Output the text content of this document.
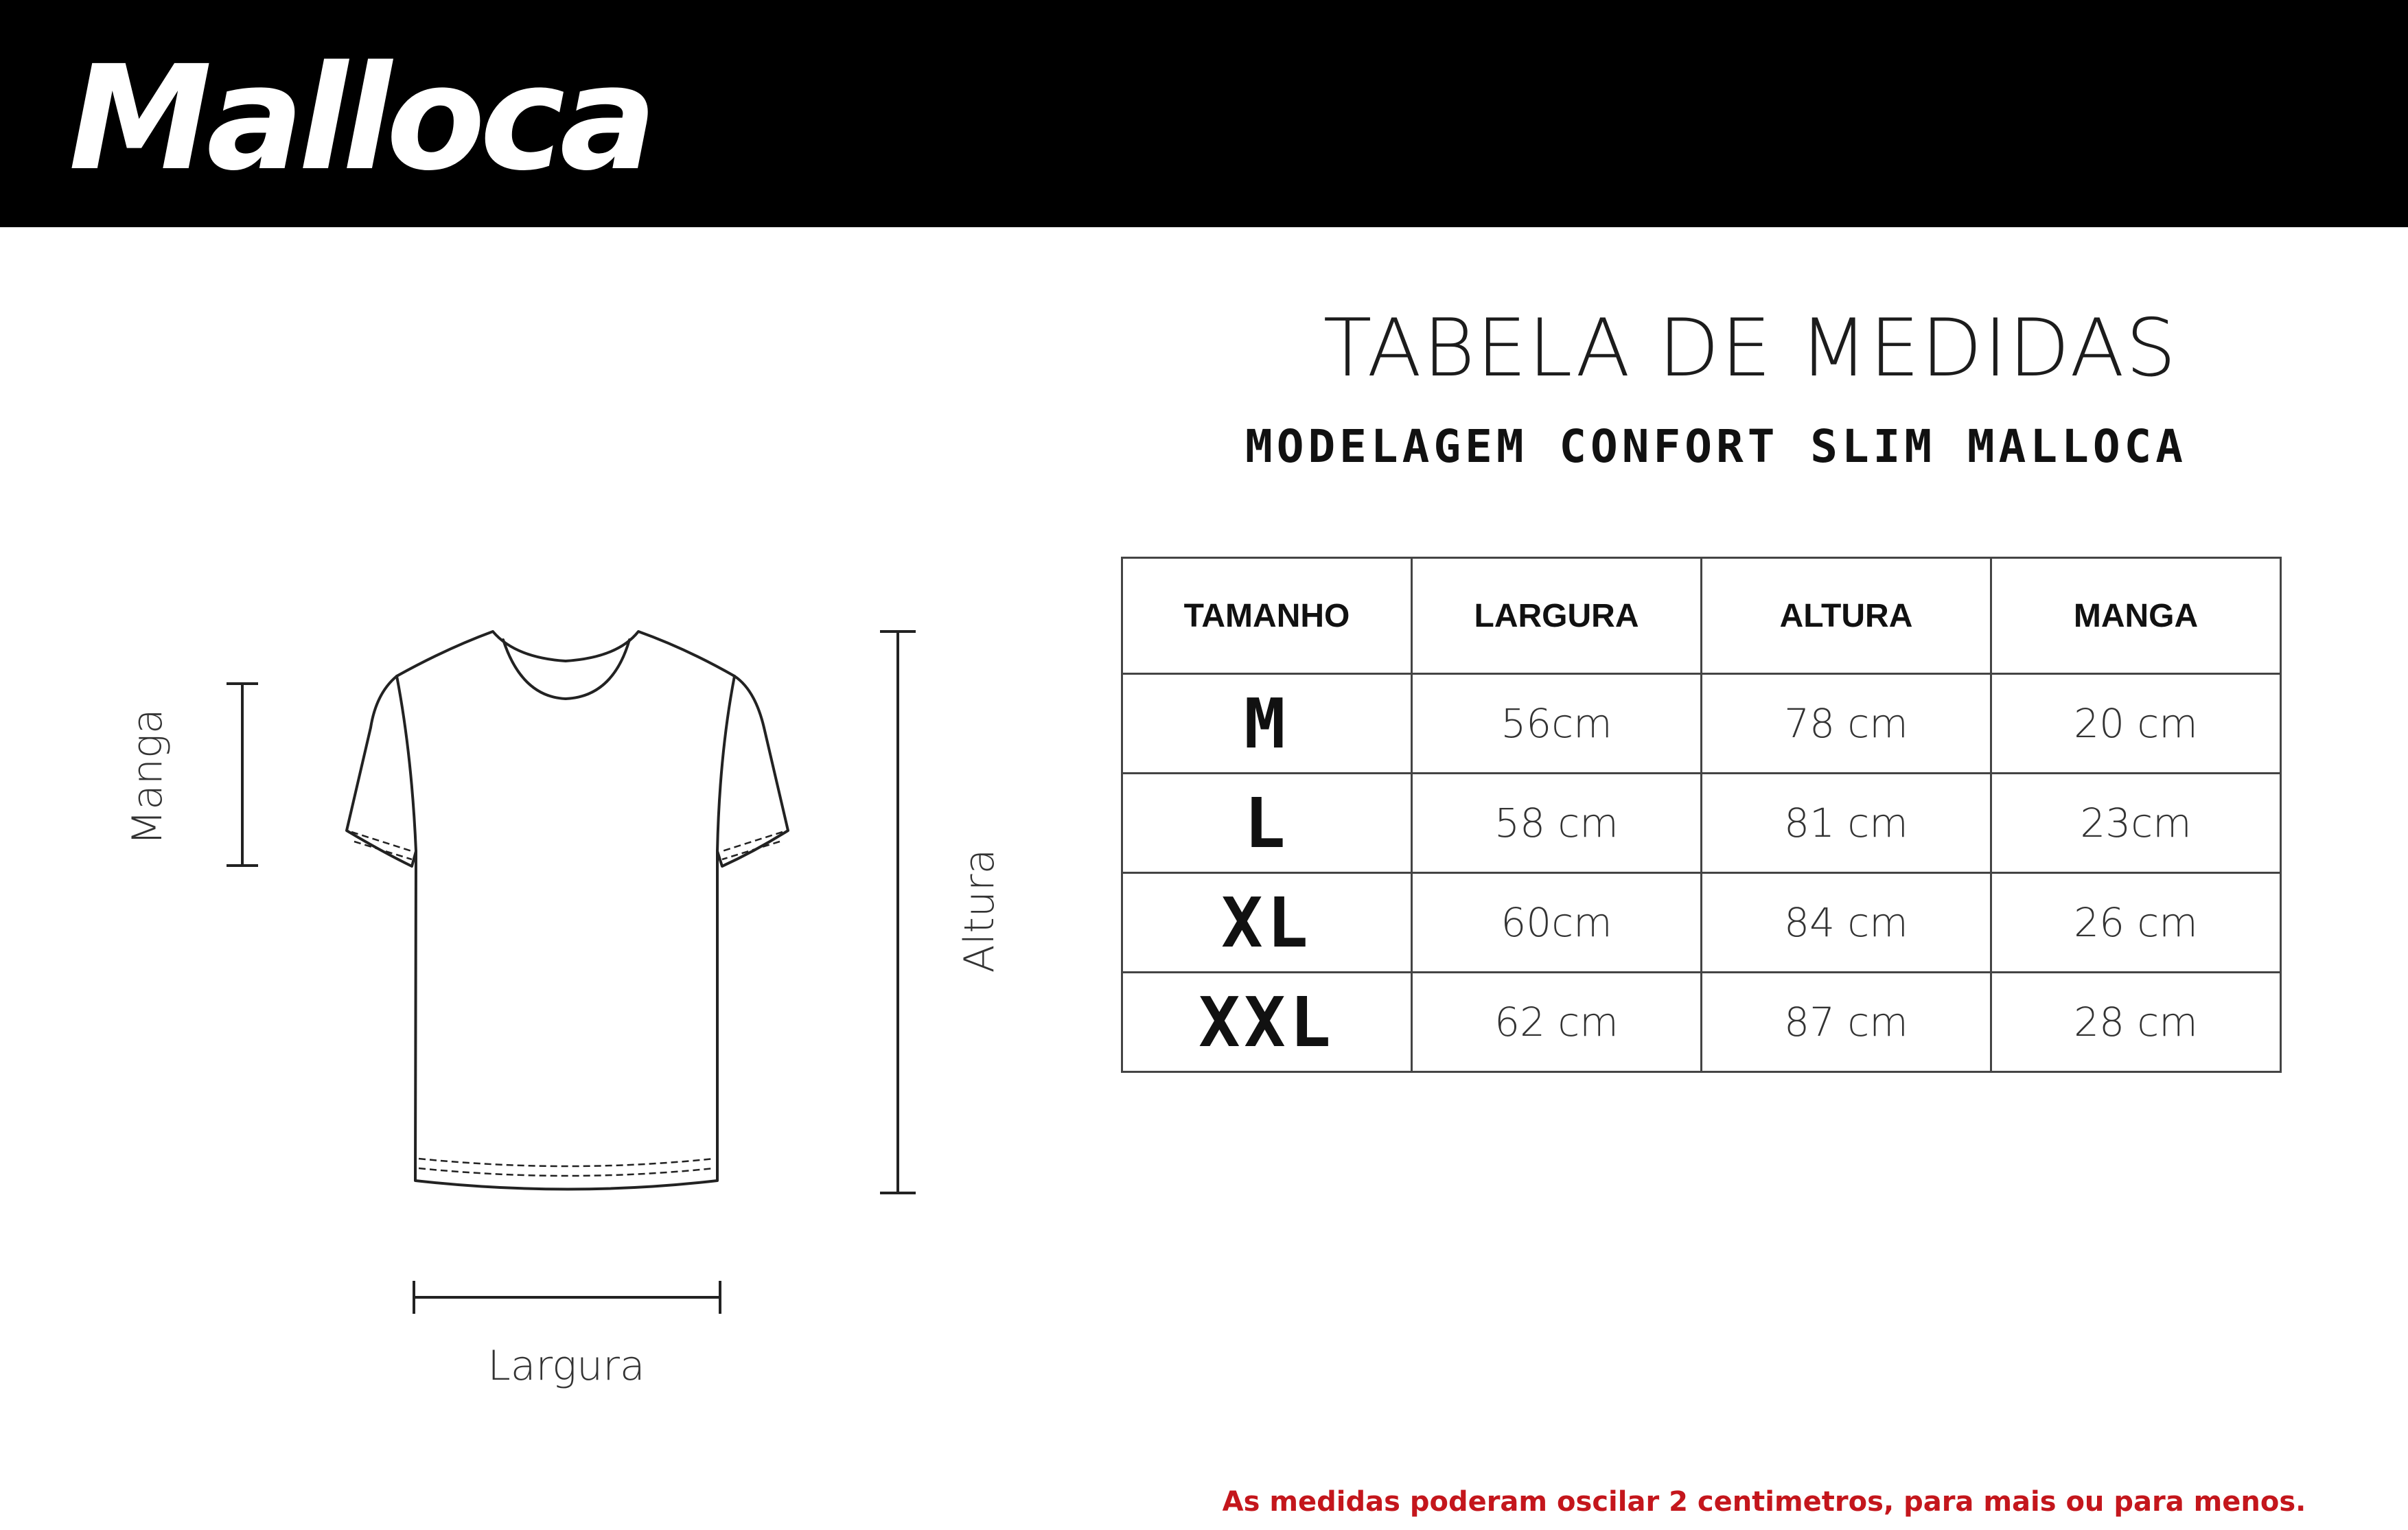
Malloca
TABELA DE MEDIDAS
MODELAGEM CONFORT SLIM MALLOCA
Manga
Altura
Largura
TAMANHO	LARGURA	ALTURA	MANGA
M	56cm	78 cm	20 cm
L	58 cm	81 cm	23cm
XL	60cm	84 cm	26 cm
XXL	62 cm	87 cm	28 cm
As medidas poderam oscilar 2 centimetros, para mais ou para menos.
